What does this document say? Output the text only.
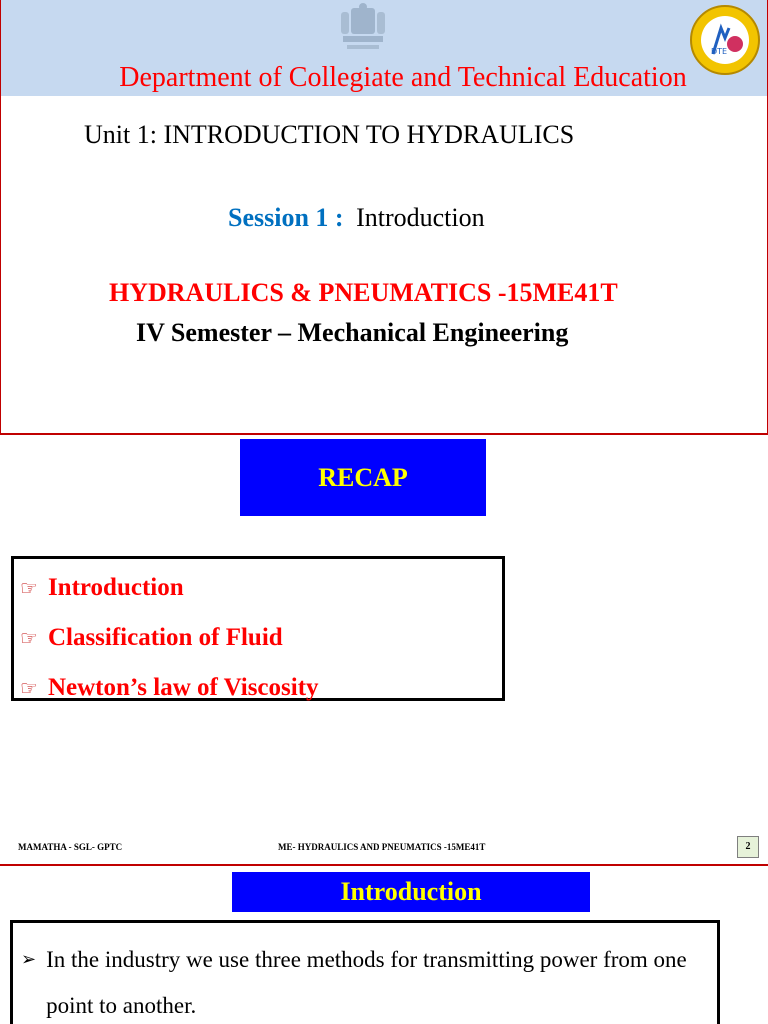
DTE
Department of Collegiate and Technical Education
Unit 1: INTRODUCTION TO HYDRAULICS
Session 1 : Introduction
HYDRAULICS & PNEUMATICS -15ME41T
IV Semester – Mechanical Engineering
RECAP
☞ Introduction
☞ Classification of Fluid
☞ Newton’s law of Viscosity
MAMATHA - SGL- GPTC	ME- HYDRAULICS AND PNEUMATICS -15ME41T	2
Introduction
➢ In the industry we use three methods for transmitting power from one point to another.
